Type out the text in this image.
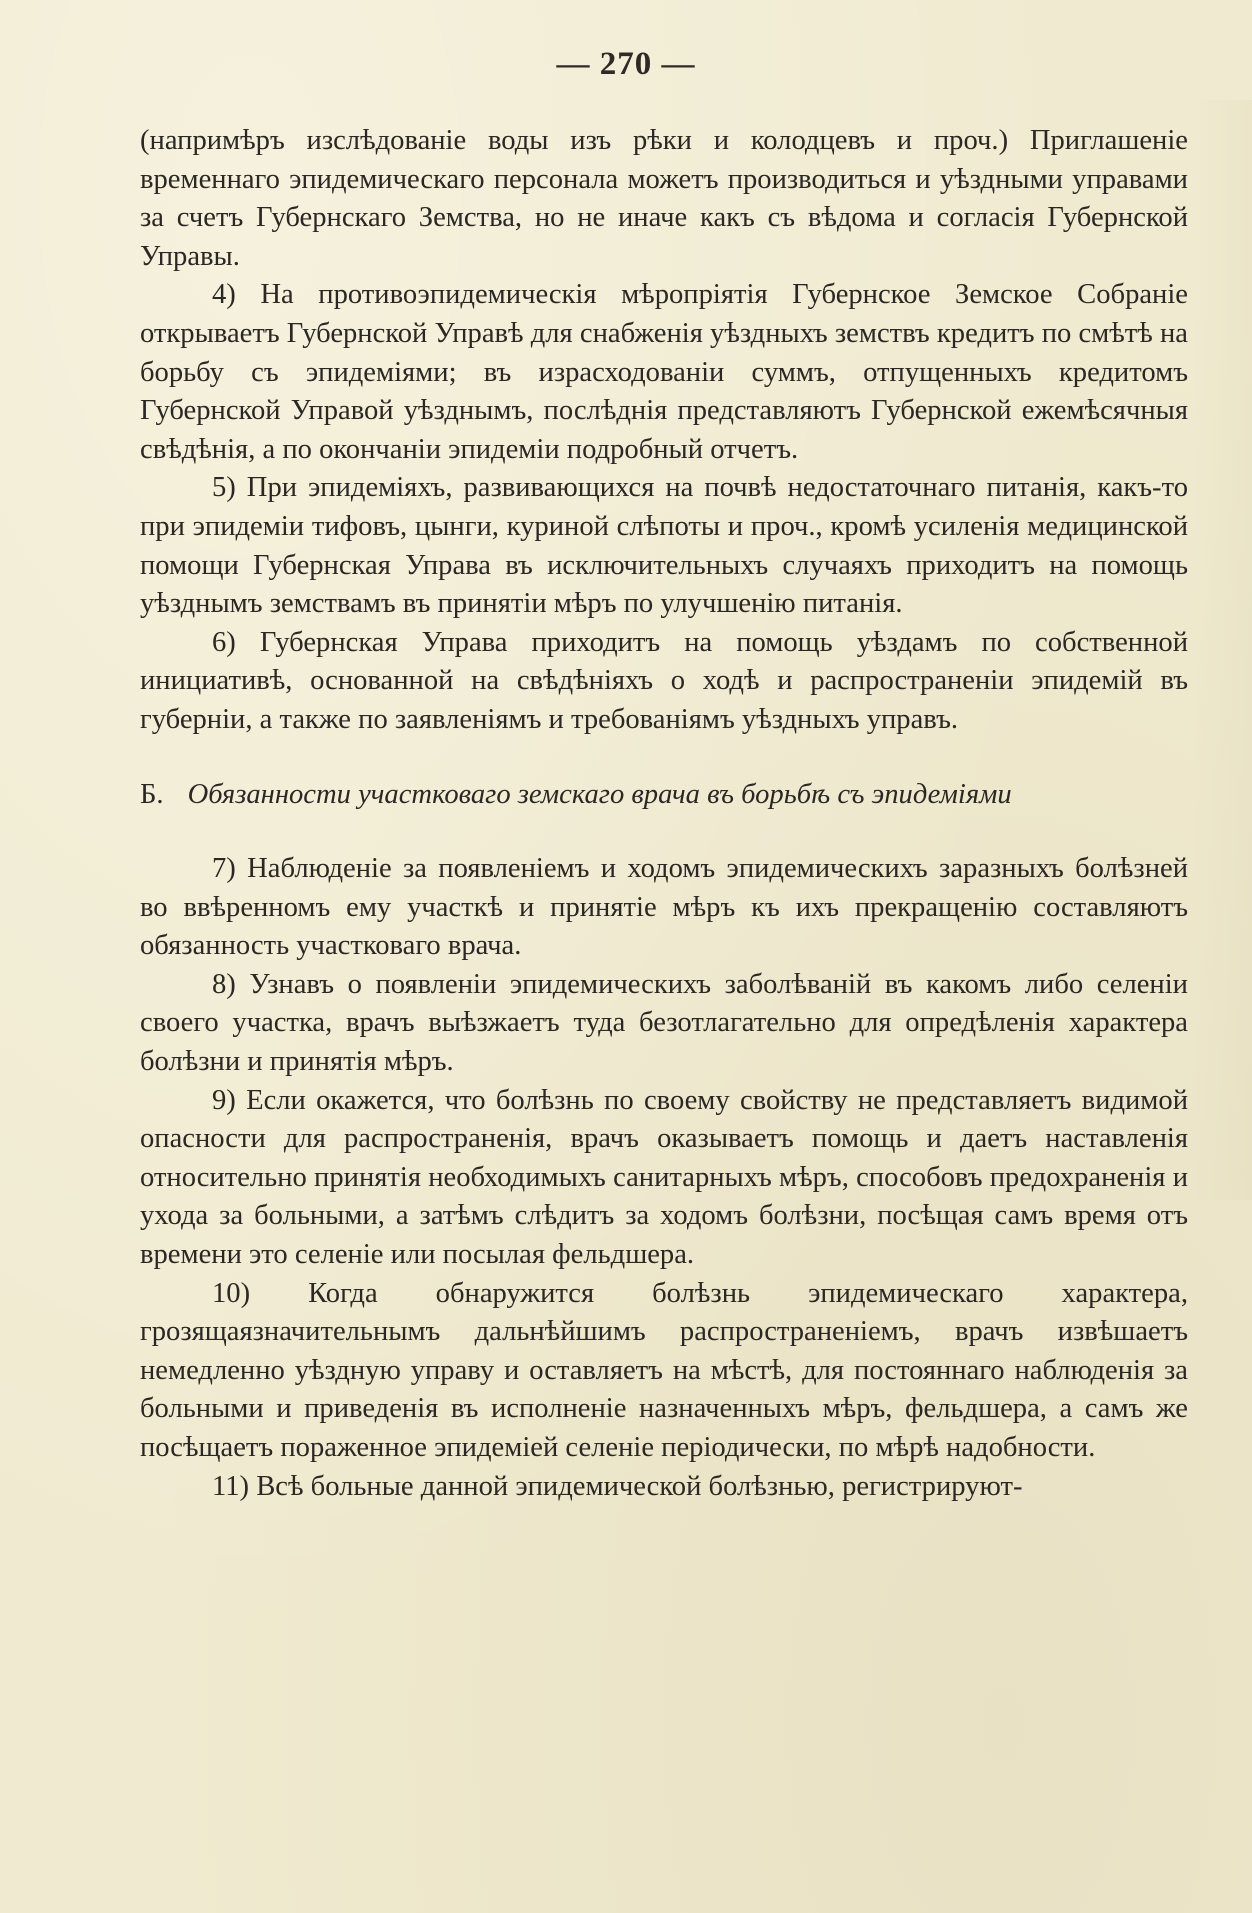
— 270 —

(напримѣръ изслѣдованіе воды изъ рѣки и колодцевъ и проч.) Приглашеніе временнаго эпидемическаго персонала можетъ производиться и уѣздными управами за счетъ Губернскаго Земства, но не иначе какъ съ вѣдома и согласія Губернской Управы.

4) На противоэпидемическія мѣропріятія Губернское Земское Собраніе открываетъ Губернской Управѣ для снабженія уѣздныхъ земствъ кредитъ по смѣтѣ на борьбу съ эпидеміями; въ израсходованіи суммъ, отпущенныхъ кредитомъ Губернской Управой уѣзднымъ, послѣднія представляютъ Губернской ежемѣсячныя свѣдѣнія, а по окончаніи эпидеміи подробный отчетъ.

5) При эпидеміяхъ, развивающихся на почвѣ недостаточнаго питанія, какъ-то при эпидеміи тифовъ, цынги, куриной слѣпоты и проч., кромѣ усиленія медицинской помощи Губернская Управа въ исключительныхъ случаяхъ приходитъ на помощь уѣзднымъ земствамъ въ принятіи мѣръ по улучшенію питанія.

6) Губернская Управа приходитъ на помощь уѣздамъ по собственной инициативѣ, основанной на свѣдѣніяхъ о ходѣ и распространеніи эпидемій въ губерніи, а также по заявленіямъ и требованіямъ уѣздныхъ управъ.

Б. Обязанности участковаго земскаго врача въ борьбѣ съ эпидеміями

7) Наблюденіе за появленіемъ и ходомъ эпидемическихъ заразныхъ болѣзней во ввѣренномъ ему участкѣ и принятіе мѣръ къ ихъ прекращенію составляютъ обязанность участковаго врача.

8) Узнавъ о появленіи эпидемическихъ заболѣваній въ какомъ либо селеніи своего участка, врачъ выѣзжаетъ туда безотлагательно для опредѣленія характера болѣзни и принятія мѣръ.

9) Если окажется, что болѣзнь по своему свойству не представляетъ видимой опасности для распространенія, врачъ оказываетъ помощь и даетъ наставленія относительно принятія необходимыхъ санитарныхъ мѣръ, способовъ предохраненія и ухода за больными, а затѣмъ слѣдитъ за ходомъ болѣзни, посѣщая самъ время отъ времени это селеніе или посылая фельдшера.

10) Когда обнаружится болѣзнь эпидемическаго характера, грозящаязначительнымъ дальнѣйшимъ распространеніемъ, врачъ извѣшаетъ немедленно уѣздную управу и оставляетъ на мѣстѣ, для постояннаго наблюденія за больными и приведенія въ исполненіе назначенныхъ мѣръ, фельдшера, а самъ же посѣщаетъ пораженное эпидеміей селеніе періодически, по мѣрѣ надобности.

11) Всѣ больные данной эпидемической болѣзнью, регистрируют-
